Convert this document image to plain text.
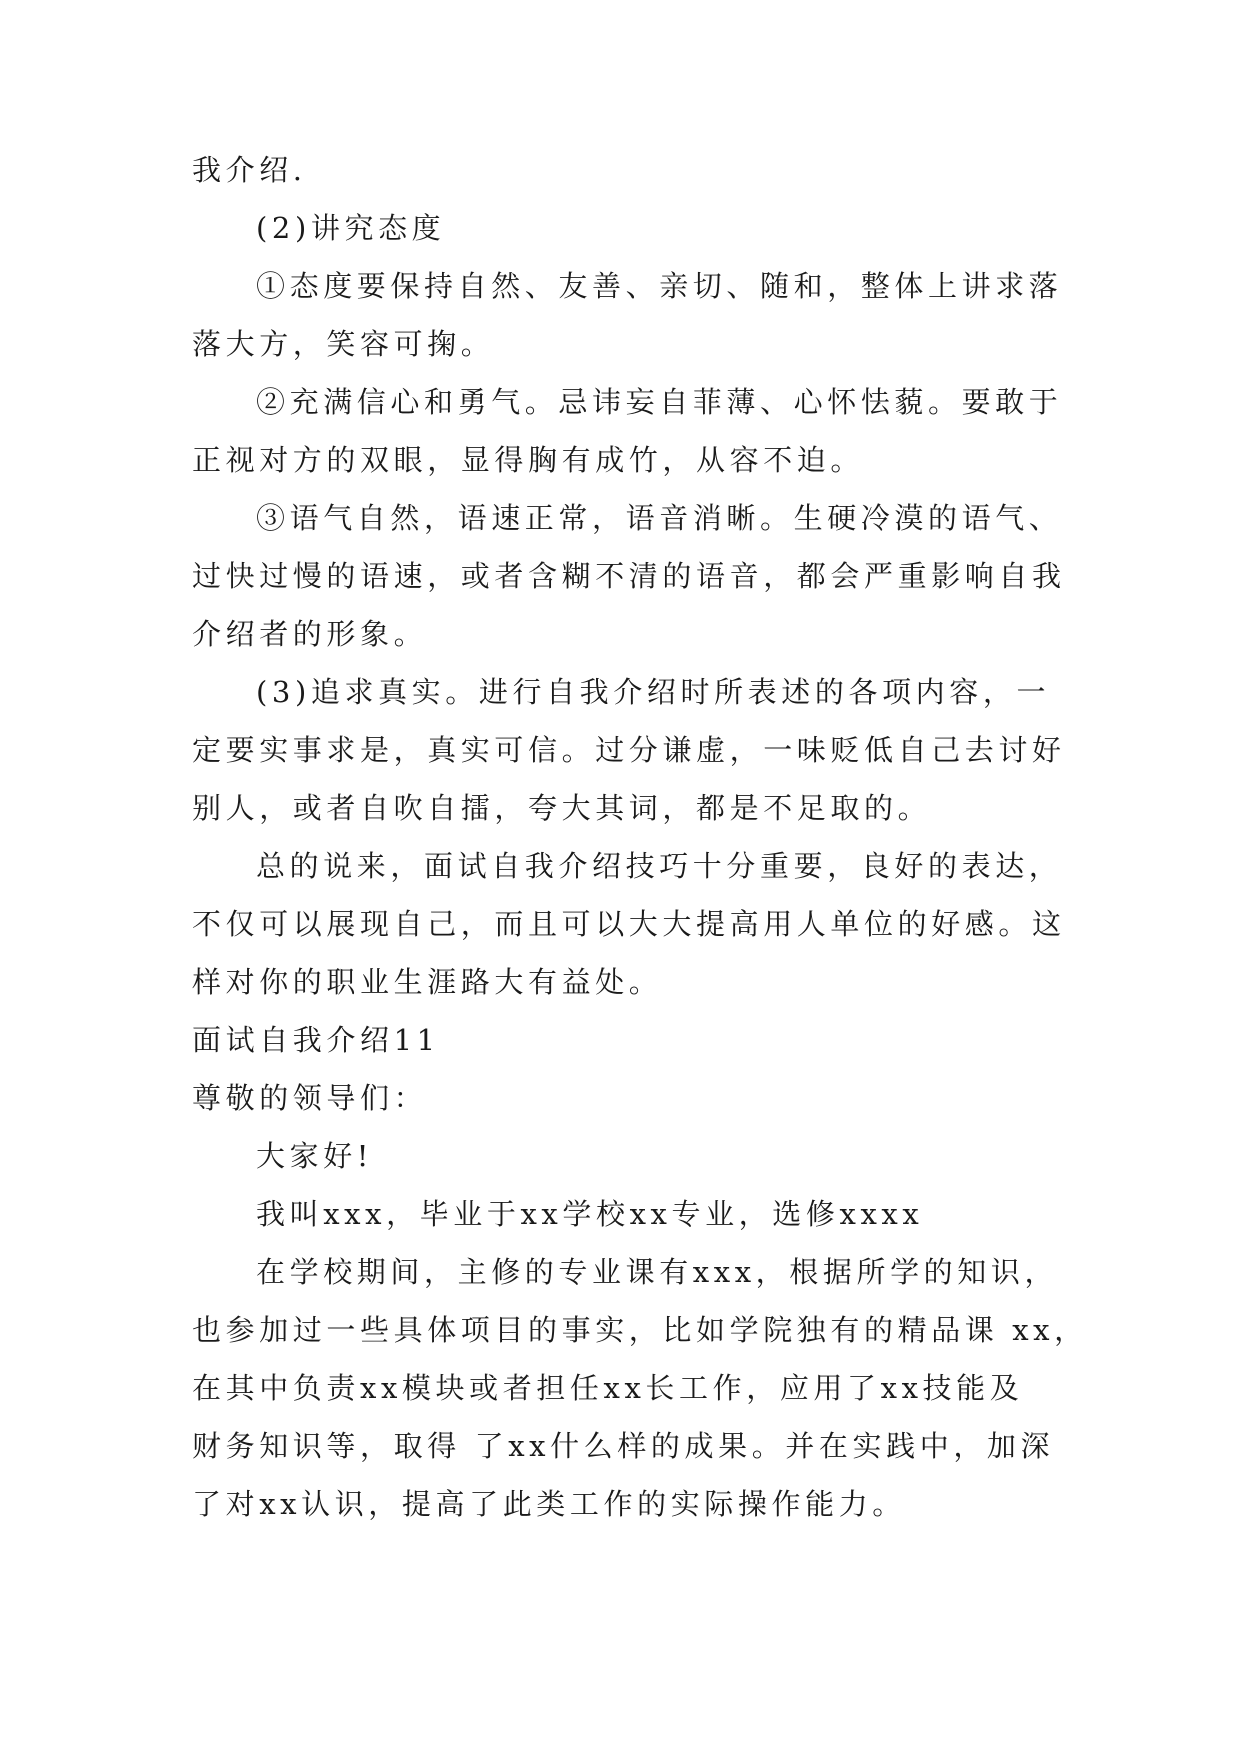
我介绍.
(2)讲究态度
①态度要保持自然、友善、亲切、随和，整体上讲求落
落大方，笑容可掬。
②充满信心和勇气。忌讳妄自菲薄、心怀怯藐。要敢于
正视对方的双眼，显得胸有成竹，从容不迫。
③语气自然，语速正常，语音消晰。生硬冷漠的语气、
过快过慢的语速，或者含糊不清的语音，都会严重影响自我
介绍者的形象。
(3)追求真实。进行自我介绍时所表述的各项内容，一
定要实事求是，真实可信。过分谦虚，一味贬低自己去讨好
别人，或者自吹自擂，夸大其词，都是不足取的。
总的说来，面试自我介绍技巧十分重要，良好的表达，
不仅可以展现自己，而且可以大大提高用人单位的好感。这
样对你的职业生涯路大有益处。
面试自我介绍11
尊敬的领导们：
大家好!
我叫xxx，毕业于xx学校xx专业，选修xxxx
在学校期间，主修的专业课有xxx，根据所学的知识，
也参加过一些具体项目的事实，比如学院独有的精品课 xx，
在其中负责xx模块或者担任xx长工作，应用了xx技能及
财务知识等，取得 了xx什么样的成果。并在实践中，加深
了对xx认识，提高了此类工作的实际操作能力。
